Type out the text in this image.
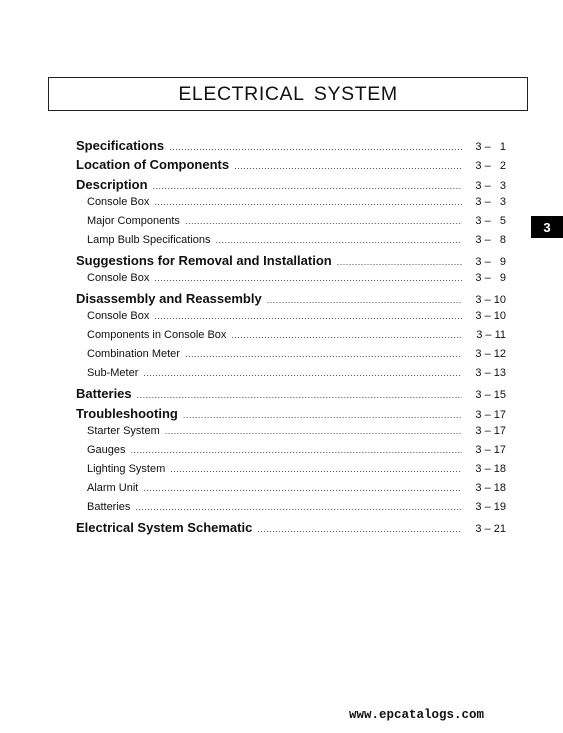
ELECTRICAL SYSTEM
Specifications .....	3 –   1
Location of Components .....	3 –   2
Description .....	3 –   3
Console Box .....	3 –   3
Major Components .....	3 –   5
Lamp Bulb Specifications .....	3 –   8
Suggestions for Removal and Installation .....	3 –   9
Console Box .....	3 –   9
Disassembly and Reassembly .....	3 – 10
Console Box .....	3 – 10
Components in Console Box .....	3 – 11
Combination Meter .....	3 – 12
Sub-Meter .....	3 – 13
Batteries .....	3 – 15
Troubleshooting .....	3 – 17
Starter System .....	3 – 17
Gauges .....	3 – 17
Lighting System .....	3 – 18
Alarm Unit .....	3 – 18
Batteries .....	3 – 19
Electrical System Schematic .....	3 – 21
3
www.epcatalogs.com
